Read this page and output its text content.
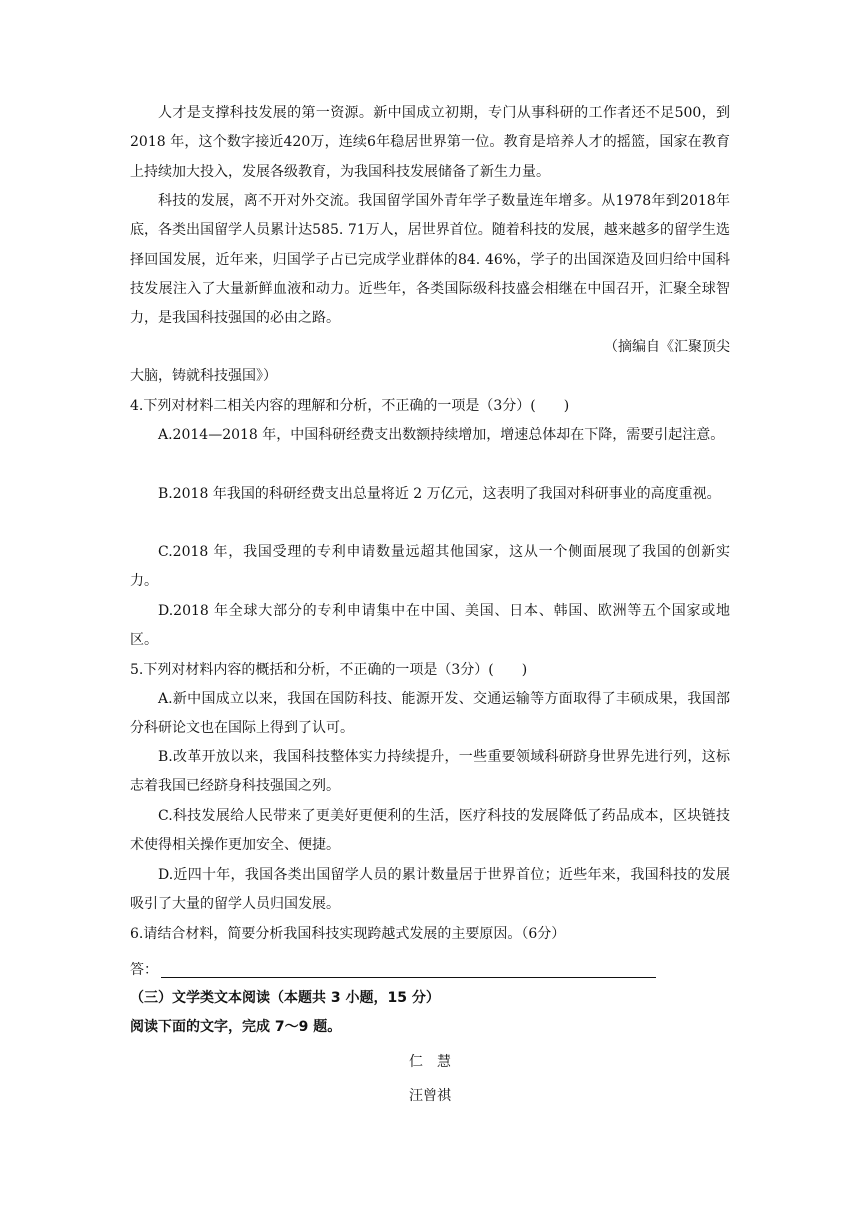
人才是支撑科技发展的第一资源。新中国成立初期，专门从事科研的工作者还不足500，到 2018 年，这个数字接近420万，连续6年稳居世界第一位。教育是培养人才的摇篮，国家在教育上持续加大投入，发展各级教育，为我国科技发展储备了新生力量。
科技的发展，离不开对外交流。我国留学国外青年学子数量连年增多。从1978年到2018年底，各类出国留学人员累计达585. 71万人，居世界首位。随着科技的发展，越来越多的留学生选择回国发展，近年来，归国学子占已完成学业群体的84. 46%，学子的出国深造及回归给中国科技发展注入了大量新鲜血液和动力。近些年，各类国际级科技盛会相继在中国召开，汇聚全球智力，是我国科技强国的必由之路。
（摘编自《汇聚顶尖
大脑，铸就科技强国》）
4.下列对材料二相关内容的理解和分析，不正确的一项是（3分）(　　)
A.2014—2018 年，中国科研经费支出数额持续增加，增速总体却在下降，需要引起注意。
B.2018 年我国的科研经费支出总量将近 2 万亿元，这表明了我国对科研事业的高度重视。
C.2018 年，我国受理的专利申请数量远超其他国家，这从一个侧面展现了我国的创新实力。
D.2018 年全球大部分的专利申请集中在中国、美国、日本、韩国、欧洲等五个国家或地区。
5.下列对材料内容的概括和分析，不正确的一项是（3分）(　　)
A.新中国成立以来，我国在国防科技、能源开发、交通运输等方面取得了丰硕成果，我国部分科研论文也在国际上得到了认可。
B.改革开放以来，我国科技整体实力持续提升，一些重要领域科研跻身世界先进行列，这标志着我国已经跻身科技强国之列。
C.科技发展给人民带来了更美好更便利的生活，医疗科技的发展降低了药品成本，区块链技术使得相关操作更加安全、便捷。
D.近四十年，我国各类出国留学人员的累计数量居于世界首位；近些年来，我国科技的发展吸引了大量的留学人员归国发展。
6.请结合材料，简要分析我国科技实现跨越式发展的主要原因。（6分）
答：
（三）文学类文本阅读（本题共 3 小题，15 分）
阅读下面的文字，完成 7～9 题。
仁　慧
汪曾祺
